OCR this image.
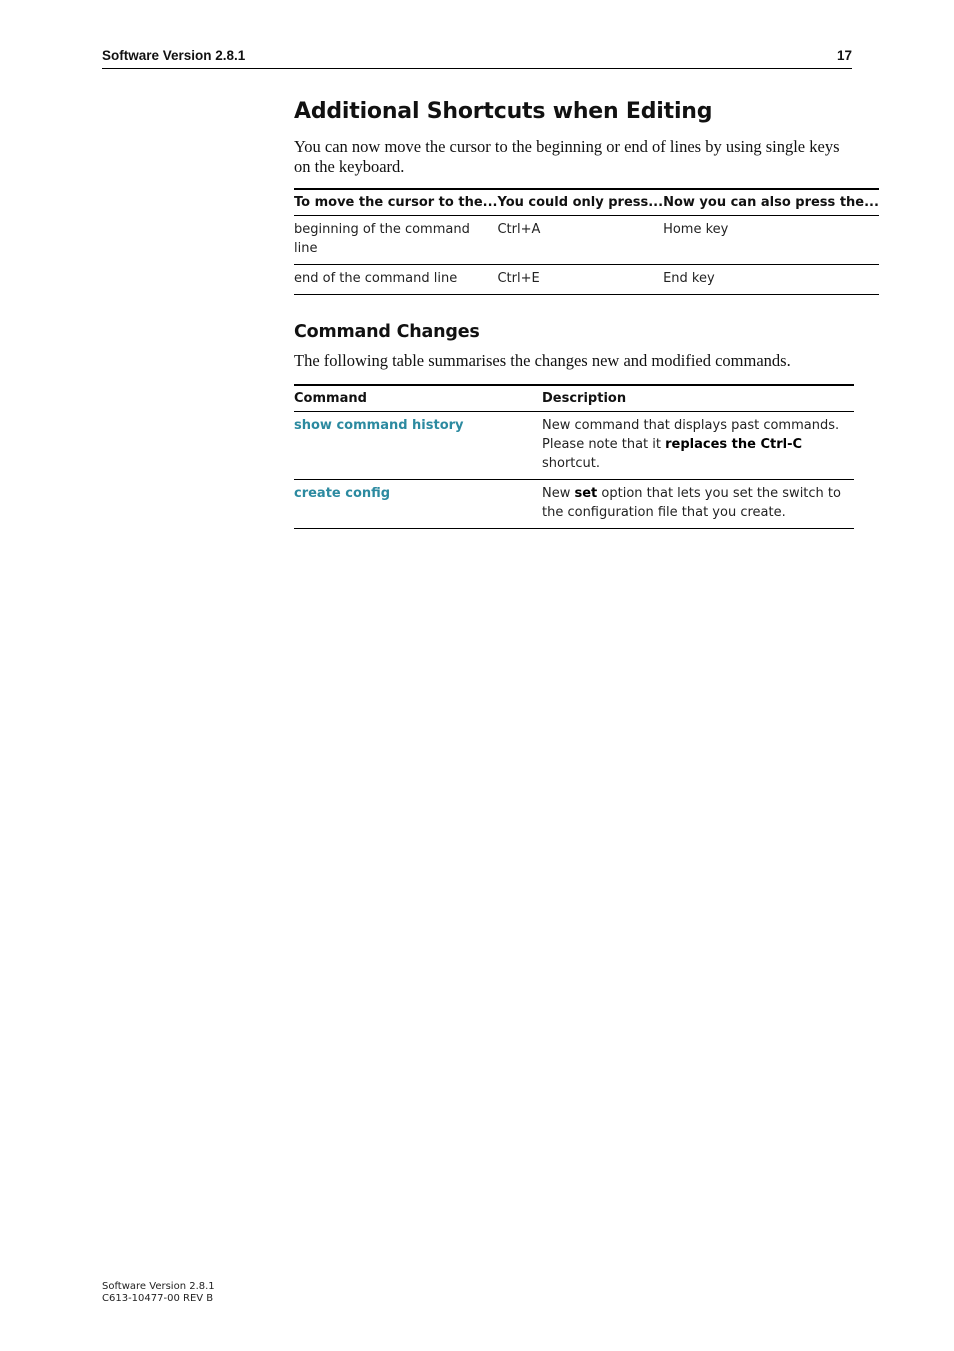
Software Version 2.8.1	17
Additional Shortcuts when Editing

You can now move the cursor to the beginning or end of lines by using single keys on the keyboard.

To move the cursor to the...	You could only press...	Now you can also press the...
beginning of the command line	Ctrl+A	Home key
end of the command line	Ctrl+E	End key
Command Changes

The following table summarises the changes new and modified commands.

Command	Description
show command history	New command that displays past commands. Please note that it replaces the Ctrl-C shortcut.
create config	New set option that lets you set the switch to the configuration file that you create.
Software Version 2.8.1
C613-10477-00 REV B
